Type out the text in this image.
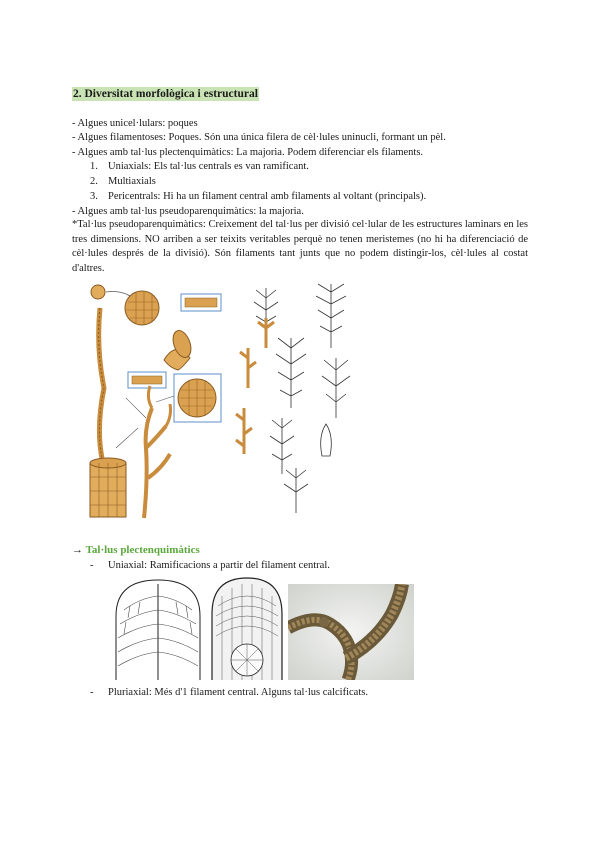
2. Diversitat morfològica i estructural
- Algues unicel·lulars: poques
- Algues filamentoses: Poques. Són una única filera de cèl·lules uninucli, formant un pèl.
- Algues amb tal·lus plectenquimàtics: La majoria. Podem diferenciar els filaments.
1. Uniaxials: Els tal·lus centrals es van ramificant.
2. Multiaxials
3. Pericentrals: Hi ha un filament central amb filaments al voltant (principals).
- Algues amb tal·lus pseudoparenquimàtics: la majoria.
*Tal·lus pseudoparenquimàtics: Creixement del tal·lus per divisió cel·lular de les estructures laminars en les tres dimensions. NO arriben a ser teixits veritables perquè no tenen meristemes (no hi ha diferenciació de cèl·lules després de la divisió). Són filaments tant junts que no podem distingir-los, cèl·lules al costat d'altres.
→ Tal·lus plectenquimàtics
- Uniaxial: Ramificacions a partir del filament central.
- Pluriaxial: Més d'1 filament central. Alguns tal·lus calcificats.
